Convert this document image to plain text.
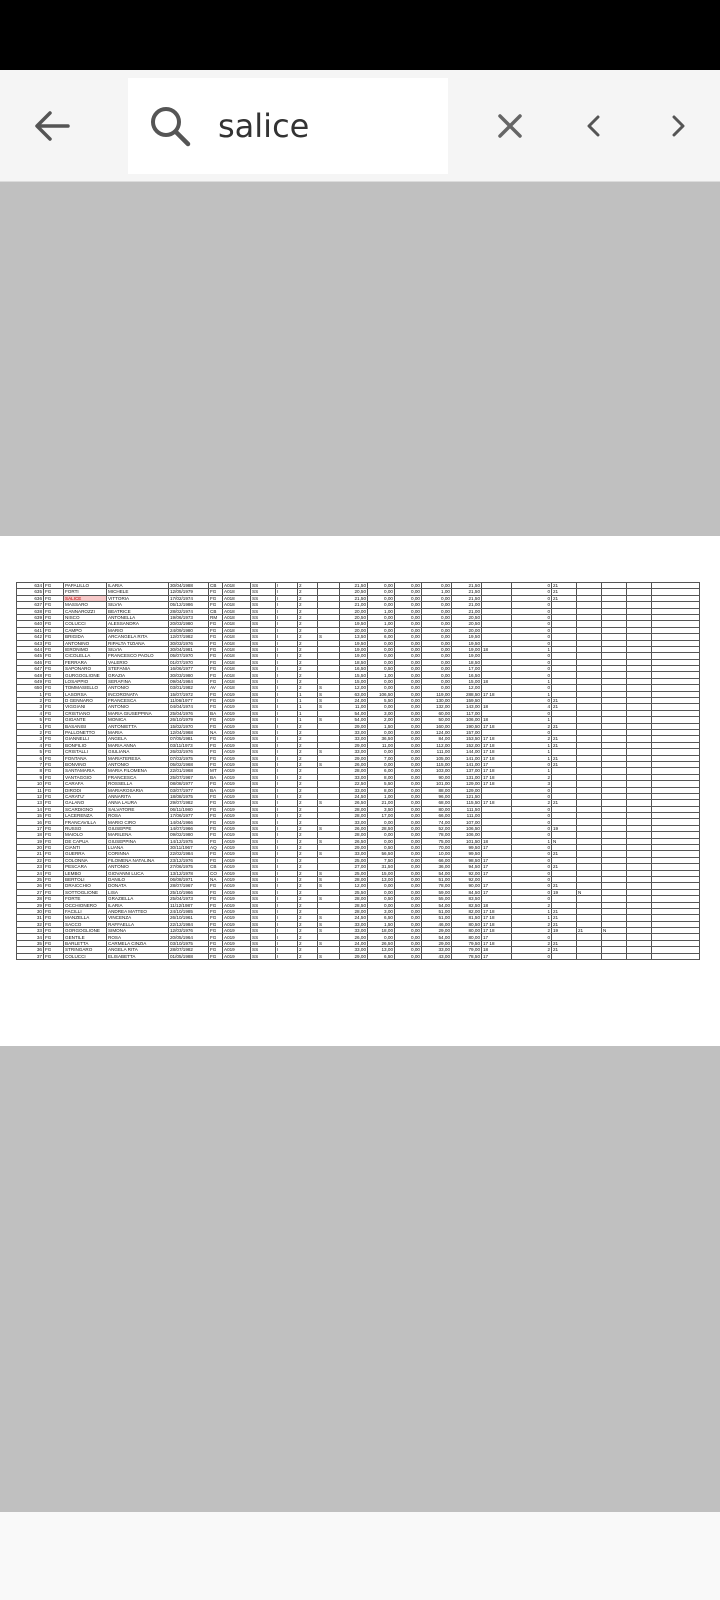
salice
634	FG	PAPALILLO	ILARIA	30/04/1988	CB	A018	SS	I	2		21,50	0,00	0,00	0,00	21,50		0	21				
635	FG	FORTI	MICHELE	12/05/1979	FG	A018	SS	I	2		20,50	0,00	0,00	1,00	21,50		0	21				
636	FG	SALICE	VITTORIA	17/02/1974	FG	A018	SS	I	2		21,50	0,00	0,00	0,00	21,50		0	21				
637	FG	MASSARO	SILVIA	05/12/1986	FG	A018	SS	I	2		21,00	0,00	0,00	0,00	21,00		0					
638	FG	CANNAROZZI	BEATRICE	28/02/1974	CB	A018	SS	I	2		20,00	1,00	0,00	0,00	21,00		0					
639	FG	NISCO	ANTONELLA	19/06/1973	RM	A018	SS	I	2		20,50	0,00	0,00	0,00	20,50		0					
640	FG	COLUCCI	ALESSANDRA	20/03/1980	FG	A018	SS	I	2		19,50	1,00	0,00	0,00	20,50		0					
641	FG	CAMPO	MARIO	24/09/1980	FG	A018	SS	I	2		20,00	0,00	0,00	0,00	20,00		0					
642	FG	BRIGIDA	ARCANGELA RITA	12/07/1982	FG	A018	SS	I	2	S	13,50	6,00	0,00	0,00	19,50		0					
643	FG	ANTONINO	RIPALTA TIZIANA	30/03/1976	FG	A018	SS	I	2		19,50	0,00	0,00	0,00	19,50		0					
644	FG	IERONIMO	SILVIA	30/04/1981	FG	A018	SS	I	2		19,00	0,00	0,00	0,00	19,00	18	1					
645	FG	CICOLELLA	FRANCESCO PAOLO	05/07/1970	FG	A018	SS	I	2		19,00	0,00	0,00	0,00	19,00		0					
646	FG	FERRARA	VALERIO	01/07/1970	FG	A018	SS	I	2		18,50	0,00	0,00	0,00	18,50		0					
647	FG	SAPONARO	STEFANIA	16/06/1977	FG	A018	SS	I	2		16,50	0,50	0,00	0,00	17,00		0					
648	FG	GURGOGLIONE	GRAZIA	30/03/1980	FG	A018	SS	I	2		15,50	1,00	0,00	0,00	16,50		0					
649	FG	LOSAPPIO	SERAFINA	09/04/1984	FG	A018	SS	I	2		15,00	0,00	0,00	0,00	15,00	18	1					
650	FG	TOMMASIELLO	ANTONIO	03/01/1982	AV	A018	SS	I	2	S	12,00	0,00	0,00	0,00	12,00		0					
1	FG	LASORSA	INCORONATA	15/07/1972	FG	A019	SS	I	1	S	63,00	106,50	0,00	119,00	288,50	17 18	1					
2	FG	D GENNARO	FRANCESCA	11/06/1977	FG	A019	SS	I	1	S	24,00	5,50	0,00	130,00	159,50		0	21				
3	FG	VIGGIANI	ANTONIO	04/04/1974	FG	A019	SS	I	1	S	11,00	0,00	0,00	132,00	143,00	18	4	21				
4	FG	CRISTIANO	MARIA GIUSEPPINA	25/04/1976	BA	A019	SS	I	1		54,00	3,00	0,00	60,00	117,00		0					
5	FG	GIGANTE	MONICA	26/10/1979	FG	A019	SS	I	1	S	54,00	2,00	0,00	50,00	106,00	18	1					
1	FG	BASANISI	ANTONIETTA	15/02/1970	FG	A019	SS	I	2		29,00	1,50	0,00	160,00	190,50	17 18	2	21				
2	FG	PALLONETTO	MARIA	12/04/1968	NA	A019	SS	I	2		33,00	0,00	0,00	124,00	157,00		0					
3	FG	GIANNELLI	ANGELA	07/05/1981	FG	A019	SS	I	2		33,00	36,50	0,00	84,00	153,50	17 18	2	21				
4	FG	BONFILIO	MARIA ANNA	03/11/1973	FG	A019	SS	I	2		29,00	11,00	0,00	112,00	152,00	17 18	1	21				
5	FG	CRISTALLI	GIULIANA	26/03/1976	FG	A019	SS	I	2	S	33,00	0,00	0,00	111,00	144,00	17 18	1					
6	FG	FONTANA	MARIATERESA	07/03/1975	FG	A019	SS	I	2		29,00	7,00	0,00	105,00	141,00	17 18	1	21				
7	FG	BONVINO	ANTONIO	05/02/1968	FG	A019	SS	I	2	S	26,00	0,00	0,00	115,00	141,00	17	0	21				
8	FG	SANTAMARIA	MARIA FILOMENA	22/01/1968	MT	A019	SS	I	2		28,00	6,00	0,00	103,00	137,00	17 18	1					
9	FG	VANTAGGIO	FRANCESCA	25/07/1967	BA	A019	SS	I	2		33,00	8,00	0,00	90,00	131,00	17 18	2					
10	FG	CARAFA	ROSSELLA	08/08/1977	FG	A019	SS	I	2		22,50	5,50	0,00	101,00	129,00	17 18	3					
11	FG	DIRODI	MARIAROSARIA	03/07/1977	BA	A019	SS	I	2		33,00	8,00	0,00	88,00	129,00		0					
12	FG	CARATU'	ANNARITA	18/08/1975	FG	A019	SS	I	2		24,50	1,00	0,00	96,00	121,50		0					
13	FG	GALANO	ANNA LAURA	29/07/1982	FG	A019	SS	I	2	S	26,50	21,00	0,00	68,00	115,50	17 18	2	21				
14	FG	SCARDIGNO	SALVATORE	06/11/1980	FG	A019	SS	I	2		28,00	3,50	0,00	80,00	111,50		0					
15	FG	LACERENZA	ROSA	17/06/1977	FG	A019	SS	I	2		28,00	17,00	0,00	66,00	111,00		0					
16	FG	FRANCAVILLA	MARIO CIRO	14/04/1966	FG	A019	SS	I	2		33,00	0,00	0,00	74,00	107,00		0					
17	FG	RUSSO	GIUSEPPE	14/07/1966	FG	A019	SS	I	2	S	26,00	28,50	0,00	52,00	106,50		0	19				
18	FG	MAIOLO	MARILENA	09/02/1980	FG	A019	SS	I	2		28,00	0,00	0,00	78,00	106,00		0					
19	FG	DE CAPUA	GIUSEPPINA	14/12/1975	FG	A019	SS	I	2	S	26,50	0,00	0,00	75,00	101,50	18	1	N				
20	FG	CIANTI	LUANA	30/11/1967	AQ	A019	SS	I	2		29,00	0,50	0,00	70,00	99,50	17	0					
21	FG	GUERRA	CORINNA	22/02/1984	FG	A019	SS	I	2	S	33,00	56,50	0,00	10,00	99,50		0	21				
22	FG	COLONNA	FILOMENA NATALINA	23/12/1976	FG	A019	SS	I	2		25,00	7,50	0,00	66,00	98,50	17	0					
23	FG	PESCARA	ANTONIO	27/06/1975	CB	A019	SS	I	2		27,00	31,50	0,00	36,00	94,50	17	0	21				
24	FG	LEMBO	GIOVANNI LUCA	13/12/1978	CO	A019	SS	I	2	S	25,00	15,00	0,00	54,00	92,00	17	0					
25	FG	BERTOLI	DANILO	06/08/1971	NA	A019	SS	I	2	S	28,00	13,00	0,00	51,00	92,00		0					
26	FG	DRAICCHIO	DONATA	28/07/1967	FG	A019	SS	I	2	S	12,00	0,00	0,00	78,00	90,00	17	0	21				
27	FG	SOTTOGLIONE	LISA	25/10/1966	FG	A019	SS	I	2		25,50	0,00	0,00	59,00	84,50	17	0	19	N			
28	FG	FORTE	GRAZIELLA	25/04/1973	FG	A019	SS	I	2	S	28,00	0,50	0,00	55,00	83,50		0					
29	FG	OCCHIONERO	ILARIA	11/12/1987	FG	A019	SS	I	2		28,50	0,00	0,00	54,00	82,50	18	2					
30	FG	FACILLI	ANDREA MATTEO	24/10/1985	FG	A019	SS	I	2		28,00	3,00	0,00	51,00	82,00	17 18	1	21				
31	FG	MANZELLA	VINCENZA	26/10/1961	FG	A019	SS	I	2	S	24,50	6,50	0,00	51,00	81,50	17 18	1	21				
32	FG	SACCO	RAFFAELLA	22/12/1984	FG	A019	SS	I	2	S	33,00	1,50	0,00	46,00	80,50	17 18	2	21				
33	FG	GORGOGLIONE	SIMONA	12/03/1976	FG	A019	SS	I	2	S	33,00	18,00	0,00	29,00	80,00	17 18	2	19	21	N		
34	FG	GENTILE	ROSA	20/05/1964	FG	A019	SS	I	2		26,00	0,00	0,00	54,00	80,00	17	0					
35	FG	BARLETTA	CARMELA CINZIA	03/10/1975	FG	A019	SS	I	2	S	24,00	26,50	0,00	29,00	79,50	17 18	2	21				
36	FG	STRINGARO	ANGELA RITA	28/07/1982	FG	A019	SS	I	2		33,00	13,00	0,00	33,00	79,00	18	2	21				
37	FG	COLUCCI	ELISABETTA	01/05/1988	FG	A019	SS	I	2	S	29,00	6,50	0,00	43,00	78,50	17	0					
